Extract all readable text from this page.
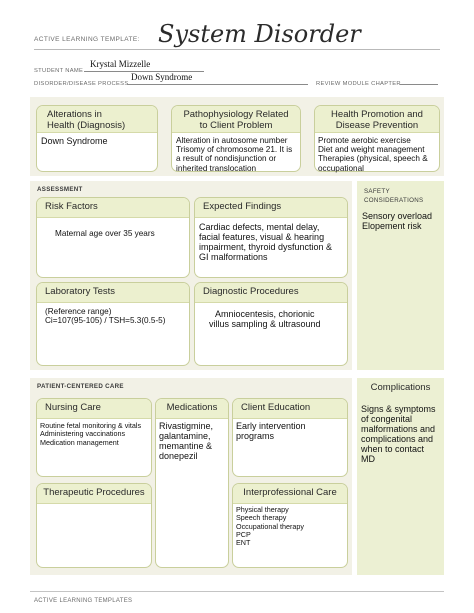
ACTIVE LEARNING TEMPLATE: System Disorder
STUDENT NAME
Krystal Mizzelle
DISORDER/DISEASE PROCESS
Down Syndrome
REVIEW MODULE CHAPTER
Alterations in
Health (Diagnosis)
Down Syndrome
Pathophysiology Related
to Client Problem
Alteration in autosome number
Trisomy of chromosome 21. It is
a result of nondisjunction or
inherited translocation
Health Promotion and
Disease Prevention
Promote aerobic exercise
Diet and weight management
Therapies (physical, speech &
occupational
ASSESSMENT	SAFETY
CONSIDERATIONS
Sensory overload
Elopement risk
Risk Factors
Maternal age over 35 years
Expected Findings
Cardiac defects, mental delay,
facial features, visual & hearing
impairment, thyroid dysfunction &
GI malformations
Laboratory Tests
(Reference range)
Ci=107(95-105) / TSH=5.3(0.5-5)
Diagnostic Procedures
Amniocentesis, chorionic
villus sampling & ultrasound
PATIENT-CENTERED CARE	Complications
Signs & symptoms
of congenital
malformations and
complications and
when to contact
MD
Nursing Care
Routine fetal monitoring & vitals
Administering vaccinations
Medication management
Medications
Rivastigmine,
galantamine,
memantine &
donepezil
Client Education
Early intervention
programs
Therapeutic Procedures	Interprofessional Care
Physical therapy
Speech therapy
Occupational therapy
PCP
ENT
ACTIVE LEARNING TEMPLATES
